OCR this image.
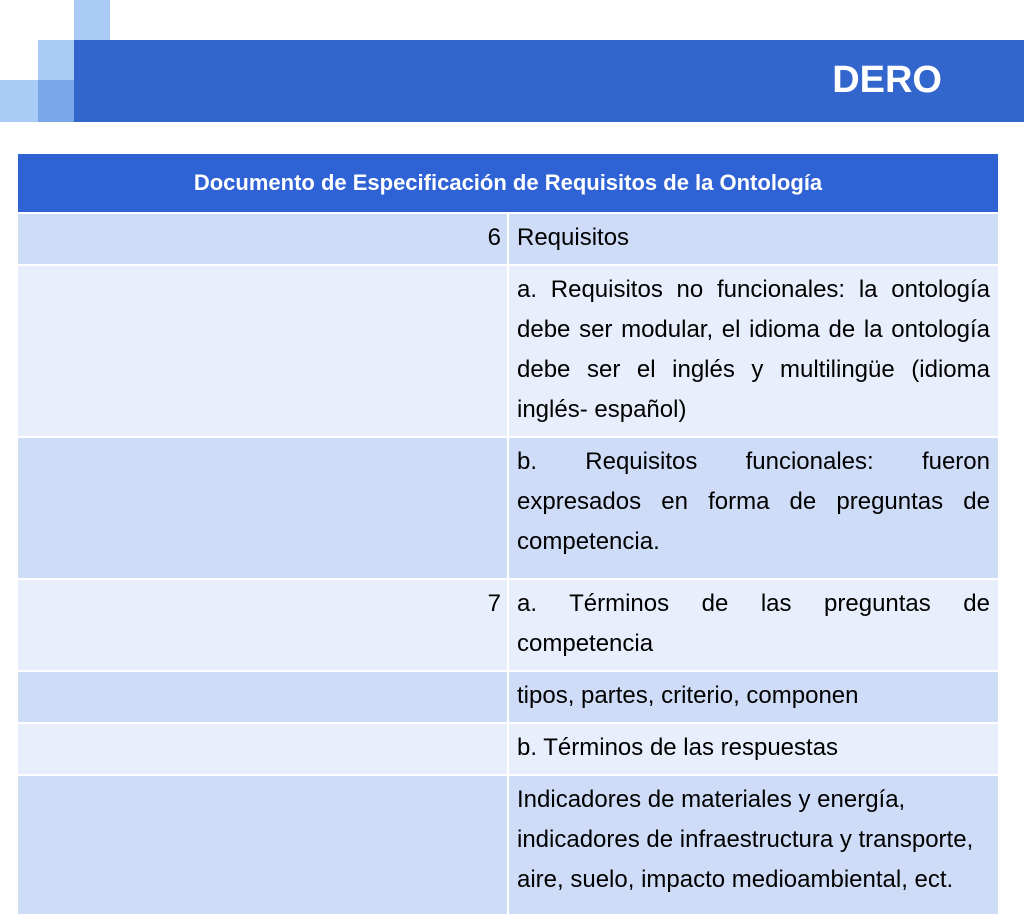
DERO
Documento de Especificación de Requisitos de la Ontología	
6	Requisitos
	a. Requisitos no funcionales: la ontología debe ser modular, el idioma de la ontología debe ser el inglés y multilingüe (idioma inglés- español)
	b. Requisitos funcionales: fueron expresados en forma de preguntas de competencia.
7	a. Términos de las preguntas de competencia
	tipos, partes, criterio, componen
	b. Términos de las respuestas
	Indicadores de materiales y energía, indicadores de infraestructura y transporte, aire, suelo, impacto medioambiental, ect.
